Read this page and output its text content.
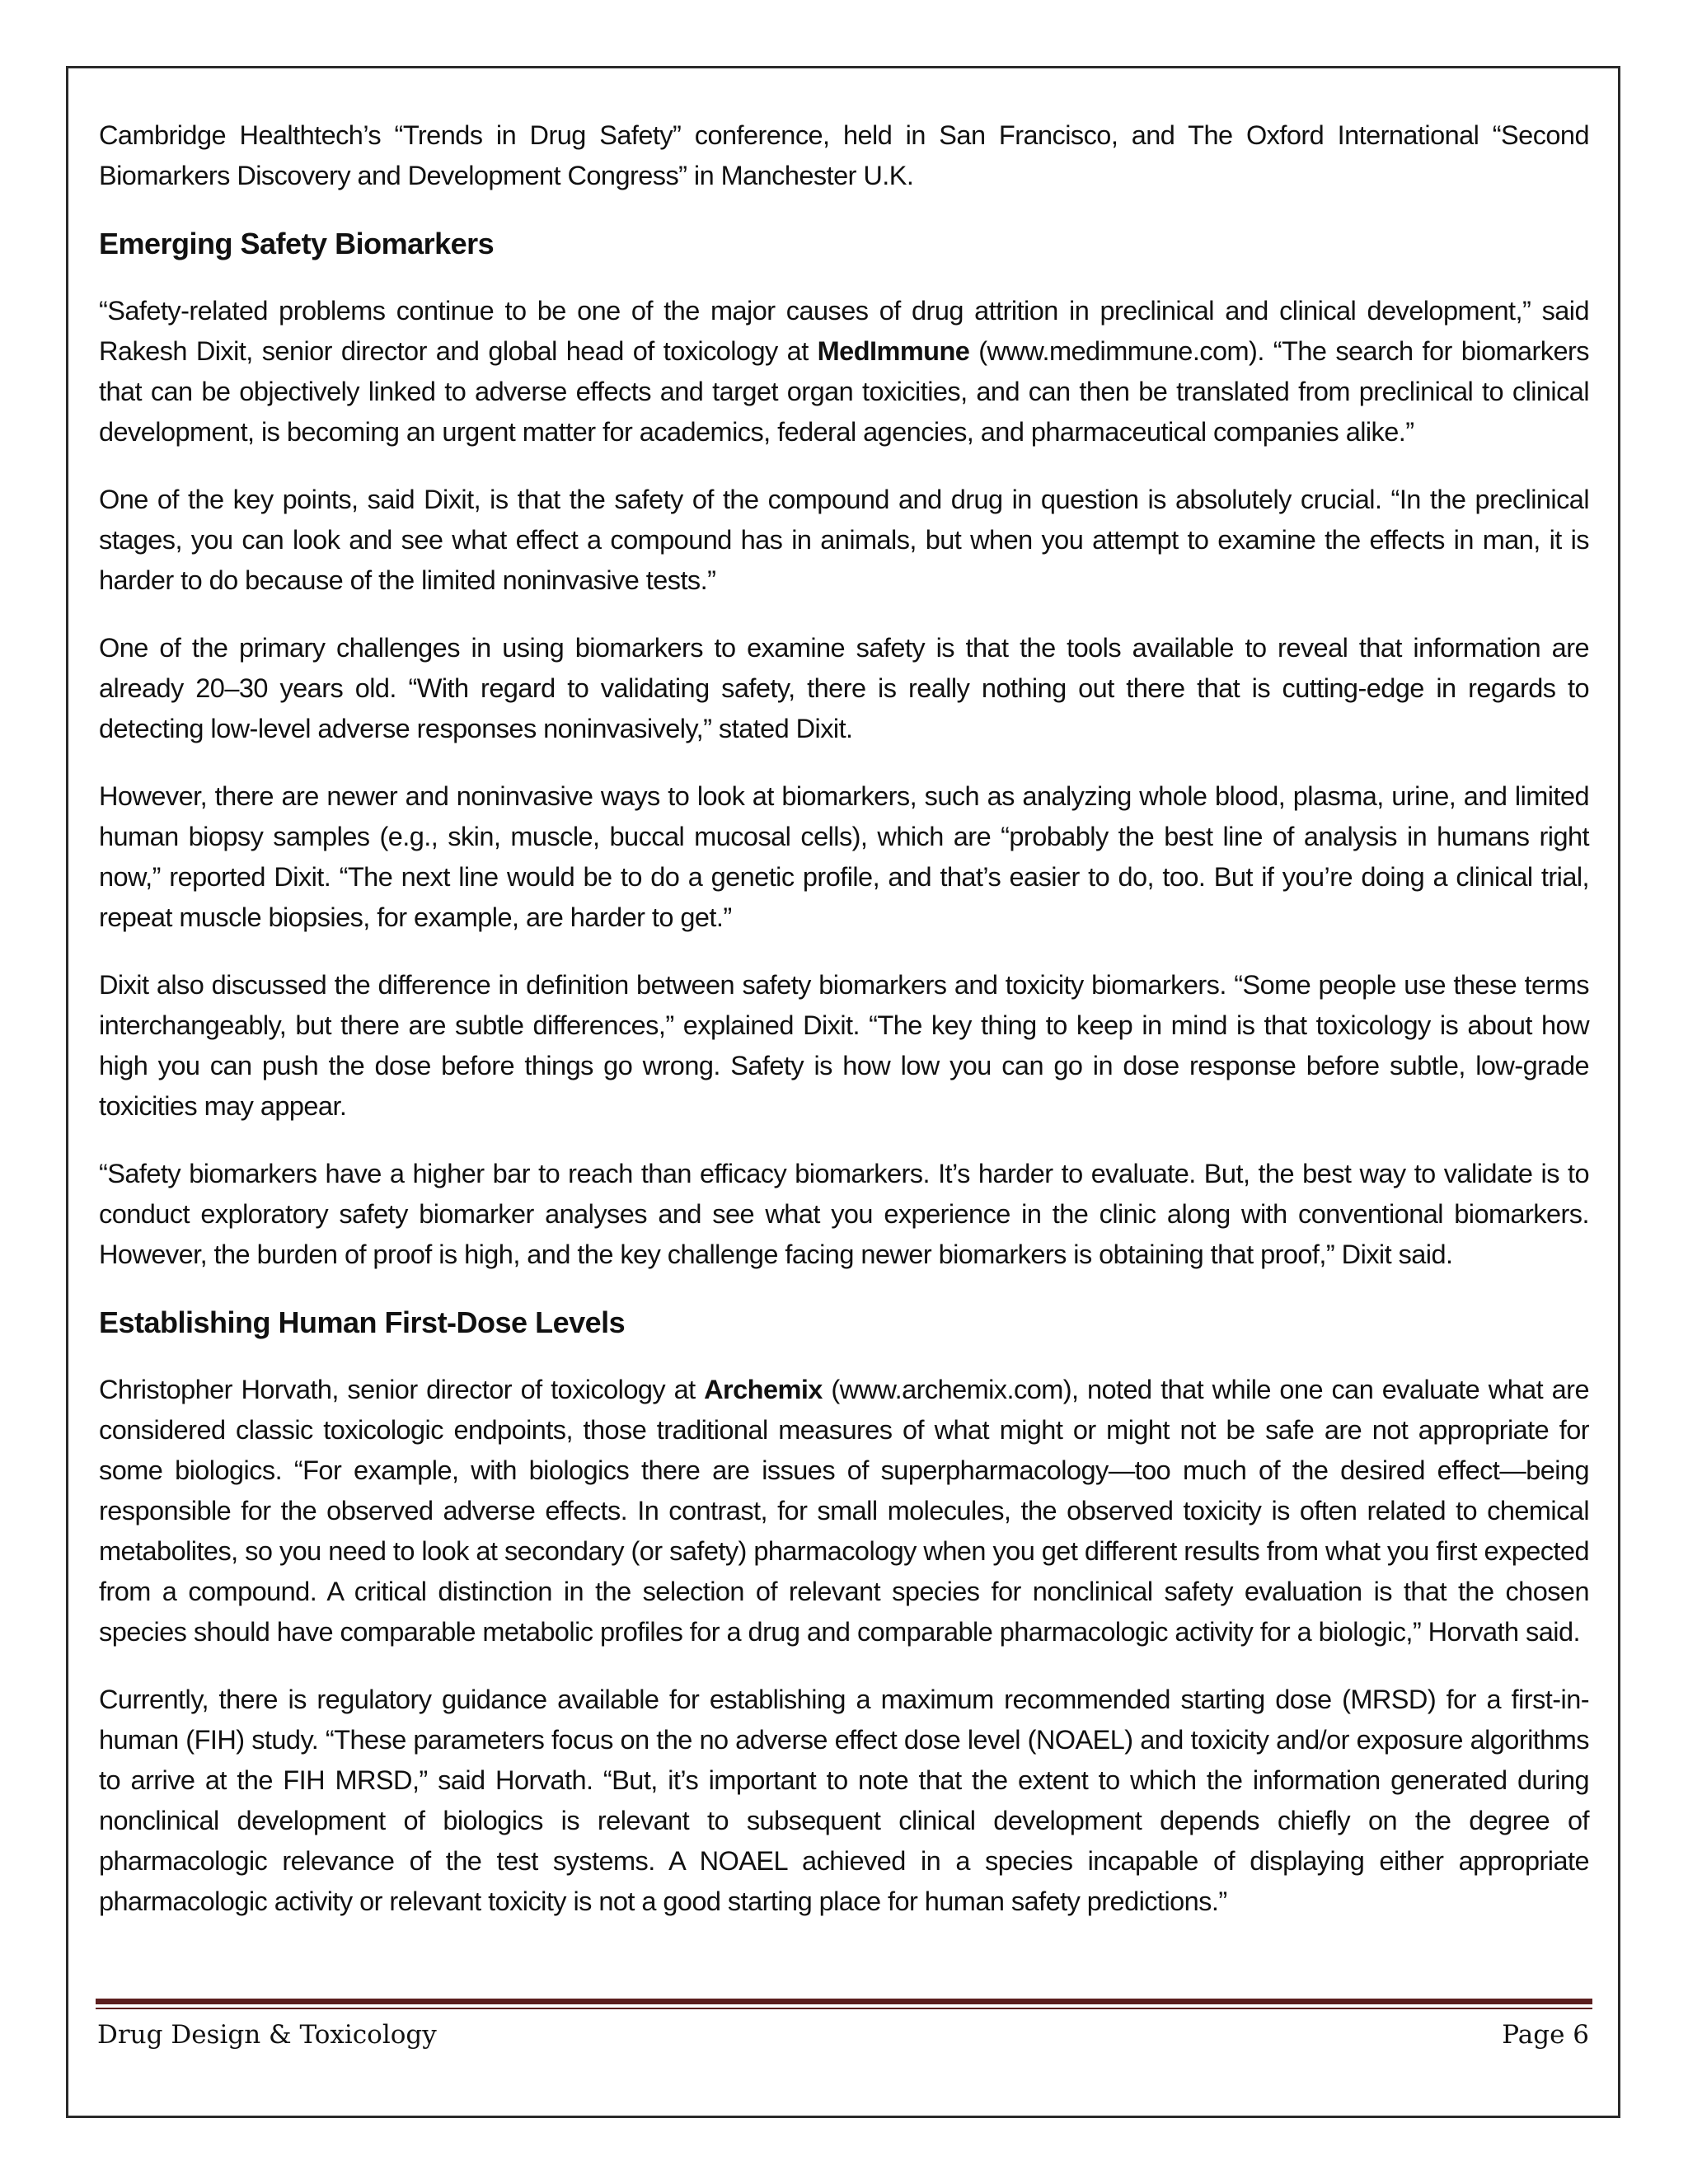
Cambridge Healthtech’s “Trends in Drug Safety” conference, held in San Francisco, and The Oxford International “Second Biomarkers Discovery and Development Congress” in Manchester U.K.

Emerging Safety Biomarkers

“Safety-related problems continue to be one of the major causes of drug attrition in preclinical and clinical development,” said Rakesh Dixit, senior director and global head of toxicology at MedImmune (www.medimmune.com). “The search for biomarkers that can be objectively linked to adverse effects and target organ toxicities, and can then be translated from preclinical to clinical development, is becoming an urgent matter for academics, federal agencies, and pharmaceutical companies alike.”

One of the key points, said Dixit, is that the safety of the compound and drug in question is absolutely crucial. “In the preclinical stages, you can look and see what effect a compound has in animals, but when you attempt to examine the effects in man, it is harder to do because of the limited noninvasive tests.”

One of the primary challenges in using biomarkers to examine safety is that the tools available to reveal that information are already 20–30 years old. “With regard to validating safety, there is really nothing out there that is cutting-edge in regards to detecting low-level adverse responses noninvasively,” stated Dixit.

However, there are newer and noninvasive ways to look at biomarkers, such as analyzing whole blood, plasma, urine, and limited human biopsy samples (e.g., skin, muscle, buccal mucosal cells), which are “probably the best line of analysis in humans right now,” reported Dixit. “The next line would be to do a genetic profile, and that’s easier to do, too. But if you’re doing a clinical trial, repeat muscle biopsies, for example, are harder to get.”

Dixit also discussed the difference in definition between safety biomarkers and toxicity biomarkers. “Some people use these terms interchangeably, but there are subtle differences,” explained Dixit. “The key thing to keep in mind is that toxicology is about how high you can push the dose before things go wrong. Safety is how low you can go in dose response before subtle, low-grade toxicities may appear.

“Safety biomarkers have a higher bar to reach than efficacy biomarkers. It’s harder to evaluate. But, the best way to validate is to conduct exploratory safety biomarker analyses and see what you experience in the clinic along with conventional biomarkers. However, the burden of proof is high, and the key challenge facing newer biomarkers is obtaining that proof,” Dixit said.

Establishing Human First-Dose Levels

Christopher Horvath, senior director of toxicology at Archemix (www.archemix.com), noted that while one can evaluate what are considered classic toxicologic endpoints, those traditional measures of what might or might not be safe are not appropriate for some biologics. “For example, with biologics there are issues of superpharmacology—too much of the desired effect—being responsible for the observed adverse effects. In contrast, for small molecules, the observed toxicity is often related to chemical metabolites, so you need to look at secondary (or safety) pharmacology when you get different results from what you first expected from a compound. A critical distinction in the selection of relevant species for nonclinical safety evaluation is that the chosen species should have comparable metabolic profiles for a drug and comparable pharmacologic activity for a biologic,” Horvath said.

Currently, there is regulatory guidance available for establishing a maximum recommended starting dose (MRSD) for a first-in-human (FIH) study. “These parameters focus on the no adverse effect dose level (NOAEL) and toxicity and/or exposure algorithms to arrive at the FIH MRSD,” said Horvath. “But, it’s important to note that the extent to which the information generated during nonclinical development of biologics is relevant to subsequent clinical development depends chiefly on the degree of pharmacologic relevance of the test systems. A NOAEL achieved in a species incapable of displaying either appropriate pharmacologic activity or relevant toxicity is not a good starting place for human safety predictions.”

Drug Design & Toxicology	Page 6
